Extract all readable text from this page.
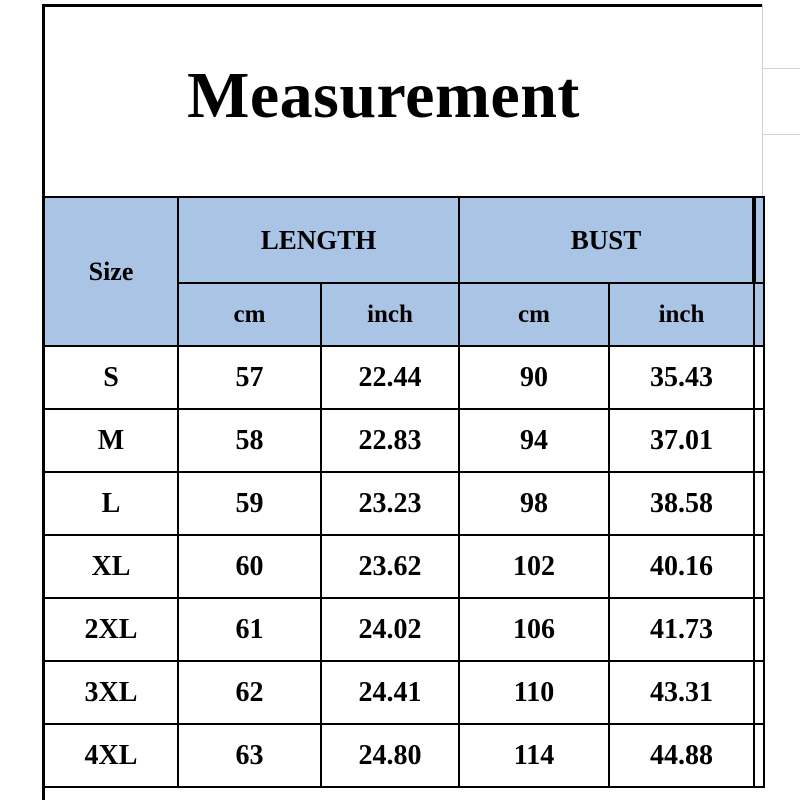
Measurement
Size	LENGTH		BUST		
	cm	inch	cm	inch	
S	57	22.44	90	35.43	
M	58	22.83	94	37.01	
L	59	23.23	98	38.58	
XL	60	23.62	102	40.16	
2XL	61	24.02	106	41.73	
3XL	62	24.41	110	43.31	
4XL	63	24.80	114	44.88	
